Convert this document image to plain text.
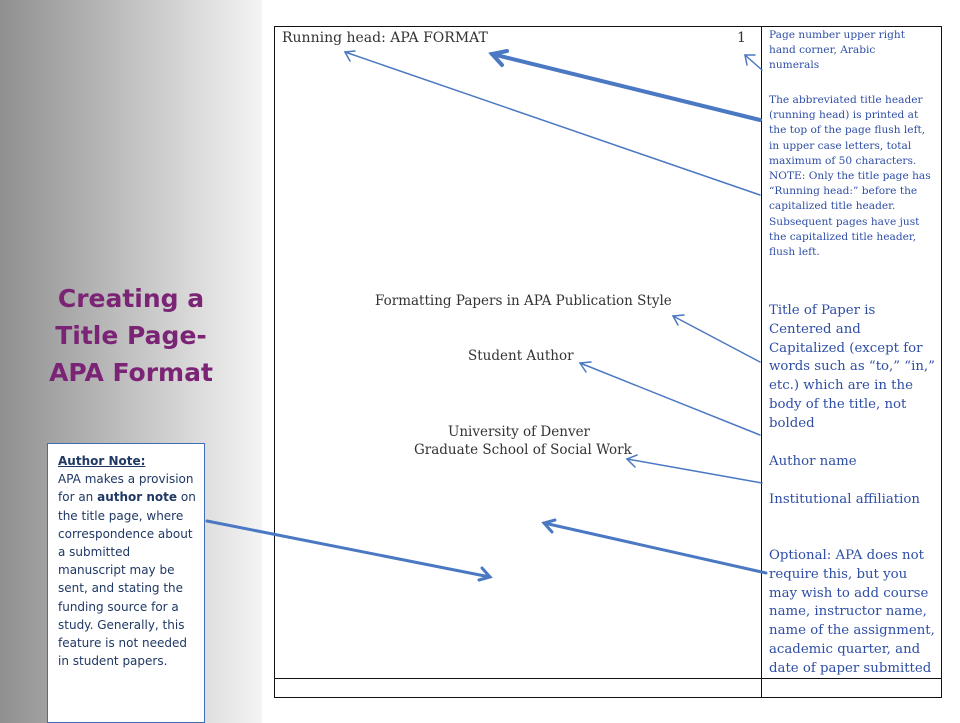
Creating a
Title Page-
APA Format
Author Note:
APA makes a provision for an author note on the title page, where correspondence about a submitted manuscript may be sent, and stating the funding source for a study. Generally, this feature is not needed in student papers.
Running head: APA FORMAT	1
Formatting Papers in APA Publication Style
Student Author
University of Denver
Graduate School of Social Work
Page number upper right
hand corner, Arabic
numerals
The abbreviated title header
(running head) is printed at
the top of the page flush left,
in upper case letters, total
maximum of 50 characters.
NOTE: Only the title page has
“Running head:” before the
capitalized title header.
Subsequent pages have just
the capitalized title header,
flush left.
Title of Paper is
Centered and
Capitalized (except for
words such as “to,” “in,”
etc.) which are in the
body of the title, not
bolded
Author name
Institutional affiliation
Optional: APA does not
require this, but you
may wish to add course
name, instructor name,
name of the assignment,
academic quarter, and
date of paper submitted
